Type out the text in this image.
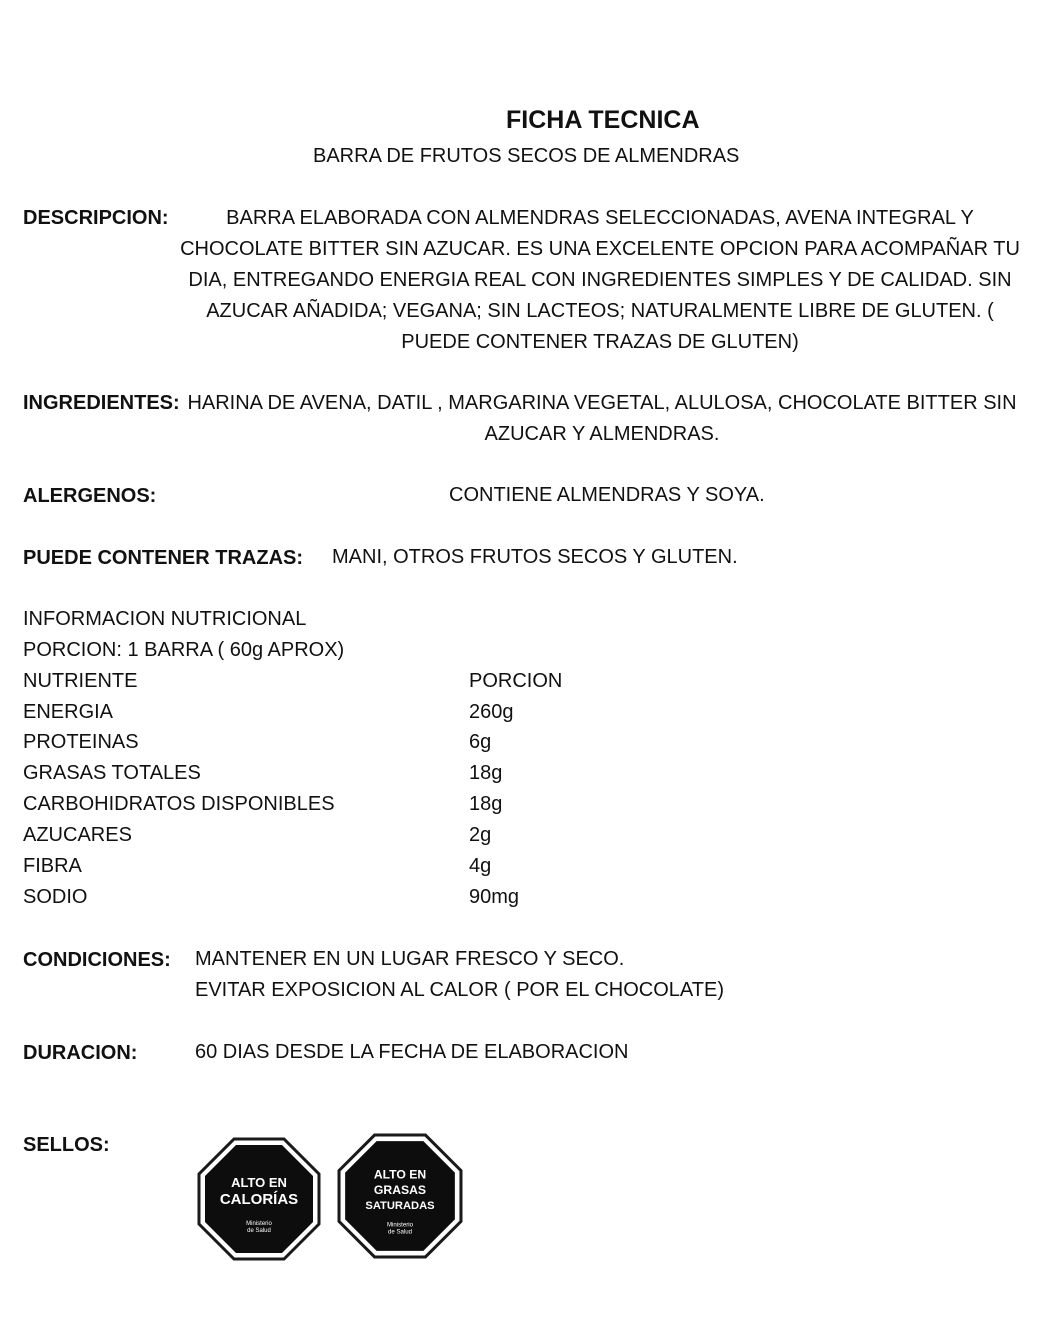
FICHA TECNICA
BARRA DE FRUTOS SECOS DE ALMENDRAS
DESCRIPCION:	BARRA ELABORADA CON ALMENDRAS SELECCIONADAS, AVENA INTEGRAL Y
CHOCOLATE BITTER SIN AZUCAR. ES UNA EXCELENTE OPCION PARA ACOMPAÑAR TU
DIA, ENTREGANDO ENERGIA REAL CON INGREDIENTES SIMPLES Y DE CALIDAD. SIN
AZUCAR AÑADIDA; VEGANA; SIN LACTEOS; NATURALMENTE LIBRE DE GLUTEN. (
PUEDE CONTENER TRAZAS DE GLUTEN)
INGREDIENTES: HARINA DE AVENA, DATIL , MARGARINA VEGETAL, ALULOSA, CHOCOLATE BITTER SIN
AZUCAR Y ALMENDRAS.
ALERGENOS:	CONTIENE ALMENDRAS Y SOYA.
PUEDE CONTENER TRAZAS: MANI, OTROS FRUTOS SECOS Y GLUTEN.
INFORMACION NUTRICIONAL
PORCION: 1 BARRA ( 60g APROX)
NUTRIENTE	PORCION
ENERGIA	260g
PROTEINAS	6g
GRASAS TOTALES	18g
CARBOHIDRATOS DISPONIBLES	18g
AZUCARES	2g
FIBRA	4g
SODIO	90mg
CONDICIONES: MANTENER EN UN LUGAR FRESCO Y SECO.
EVITAR EXPOSICION AL CALOR ( POR EL CHOCOLATE)
DURACION:	60 DIAS DESDE LA FECHA DE ELABORACION
SELLOS:
ALTO EN
CALORÍAS
Ministerio
de Salud
ALTO EN
GRASAS
SATURADAS
Ministerio
de Salud
